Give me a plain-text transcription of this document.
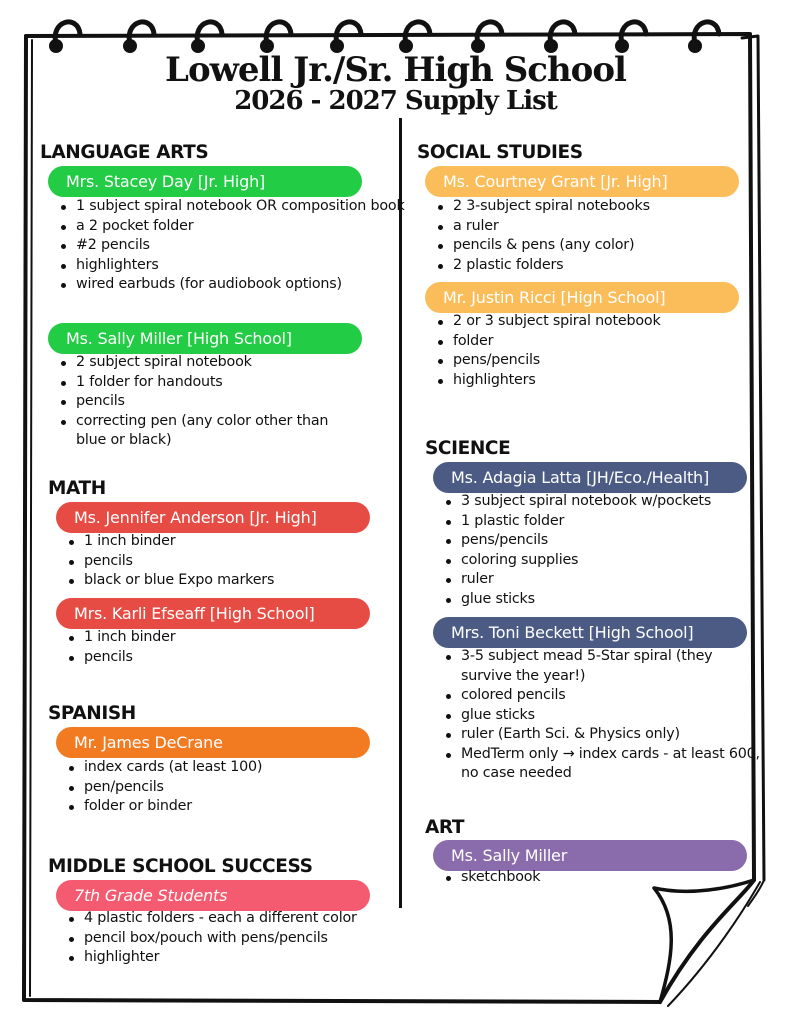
Lowell Jr./Sr. High School
2026 - 2027 Supply List
LANGUAGE ARTS
Mrs. Stacey Day [Jr. High]
1 subject spiral notebook OR composition book
a 2 pocket folder
#2 pencils
highlighters
wired earbuds (for audiobook options)
Ms. Sally Miller [High School]
2 subject spiral notebook
1 folder for handouts
pencils
correcting pen (any color other than blue or black)
MATH
Ms. Jennifer Anderson [Jr. High]
1 inch binder
pencils
black or blue Expo markers
Mrs. Karli Efseaff [High School]
1 inch binder
pencils
SPANISH
Mr. James DeCrane
index cards (at least 100)
pen/pencils
folder or binder
MIDDLE SCHOOL SUCCESS
7th Grade Students
4 plastic folders - each a different color
pencil box/pouch with pens/pencils
highlighter
SOCIAL STUDIES
Ms. Courtney Grant [Jr. High]
2 3-subject spiral notebooks
a ruler
pencils & pens (any color)
2 plastic folders
Mr. Justin Ricci [High School]
2 or 3 subject spiral notebook
folder
pens/pencils
highlighters
SCIENCE
Ms. Adagia Latta [JH/Eco./Health]
3 subject spiral notebook w/pockets
1 plastic folder
pens/pencils
coloring supplies
ruler
glue sticks
Mrs. Toni Beckett [High School]
3-5 subject mead 5-Star spiral (they survive the year!)
colored pencils
glue sticks
ruler (Earth Sci. & Physics only)
MedTerm only → index cards - at least 600, no case needed
ART
Ms. Sally Miller
sketchbook
